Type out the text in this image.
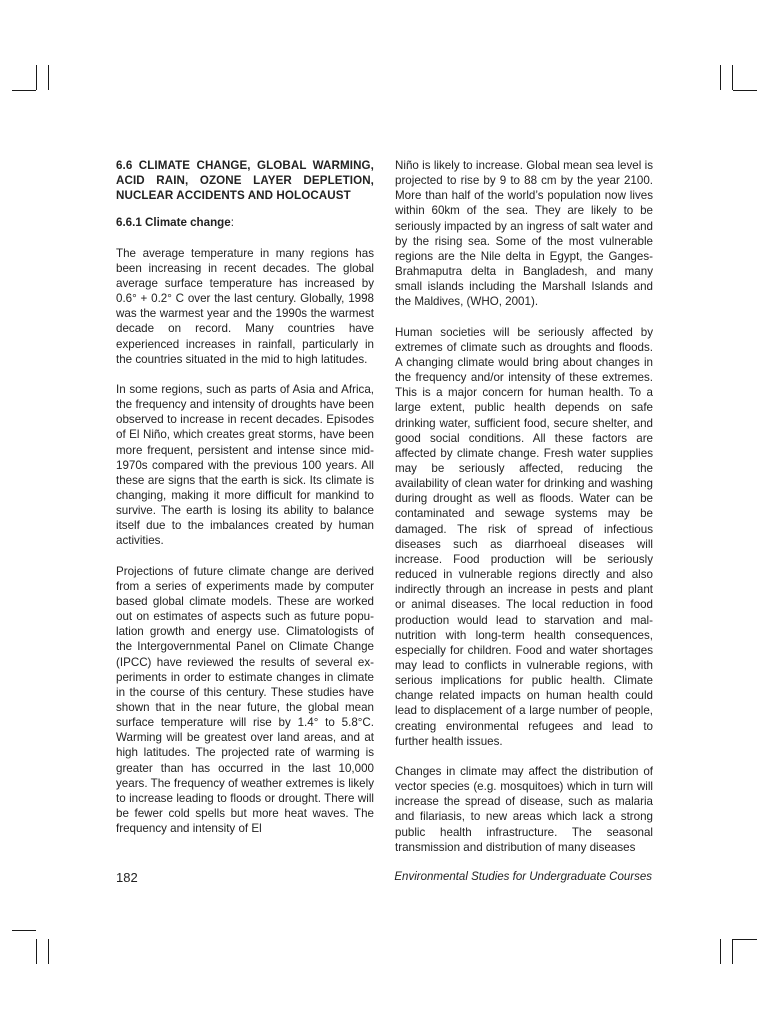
6.6 CLIMATE CHANGE, GLOBAL WARMING, ACID RAIN, OZONE LAYER DEPLETION, NUCLEAR ACCIDENTS AND HOLOCAUST
6.6.1 Climate change:

The average temperature in many regions has been increasing in recent decades. The global average surface temperature has increased by 0.6° + 0.2° C over the last century. Globally, 1998 was the warmest year and the 1990s the warmest decade on record. Many countries have experienced increases in rainfall, particularly in the countries situated in the mid to high latitudes.

In some regions, such as parts of Asia and Africa, the frequency and intensity of droughts have been observed to increase in recent decades. Episodes of El Niño, which creates great storms, have been more frequent, persistent and intense since mid-1970s compared with the previous 100 years. All these are signs that the earth is sick. Its climate is changing, making it more difficult for mankind to survive. The earth is losing its ability to balance itself due to the imbalances created by human activities.

Projections of future climate change are derived from a series of experiments made by computer based global climate models. These are worked out on estimates of aspects such as future population growth and energy use. Climatologists of the Intergovernmental Panel on Climate Change (IPCC) have reviewed the results of several experiments in order to estimate changes in climate in the course of this century. These studies have shown that in the near future, the global mean surface temperature will rise by 1.4° to 5.8°C. Warming will be greatest over land areas, and at high latitudes. The projected rate of warming is greater than has occurred in the last 10,000 years. The frequency of weather extremes is likely to increase leading to floods or drought. There will be fewer cold spells but more heat waves. The frequency and intensity of El

Niño is likely to increase. Global mean sea level is projected to rise by 9 to 88 cm by the year 2100. More than half of the world’s population now lives within 60km of the sea. They are likely to be seriously impacted by an ingress of salt water and by the rising sea. Some of the most vulnerable regions are the Nile delta in Egypt, the Ganges-Brahmaputra delta in Bangladesh, and many small islands including the Marshall Islands and the Maldives, (WHO, 2001).

Human societies will be seriously affected by extremes of climate such as droughts and floods. A changing climate would bring about changes in the frequency and/or intensity of these extremes. This is a major concern for human health. To a large extent, public health depends on safe drinking water, sufficient food, secure shelter, and good social conditions. All these factors are affected by climate change. Fresh water supplies may be seriously affected, reducing the availability of clean water for drinking and washing during drought as well as floods. Water can be contaminated and sewage systems may be damaged. The risk of spread of infectious diseases such as diarrhoeal diseases will increase. Food production will be seriously reduced in vulnerable regions directly and also indirectly through an increase in pests and plant or animal diseases. The local reduction in food production would lead to starvation and malnutrition with long-term health consequences, especially for children. Food and water shortages may lead to conflicts in vulnerable regions, with serious implications for public health. Climate change related impacts on human health could lead to displacement of a large number of people, creating environmental refugees and lead to further health issues.

Changes in climate may affect the distribution of vector species (e.g. mosquitoes) which in turn will increase the spread of disease, such as malaria and filariasis, to new areas which lack a strong public health infrastructure. The seasonal transmission and distribution of many diseases

182	Environmental Studies for Undergraduate Courses
